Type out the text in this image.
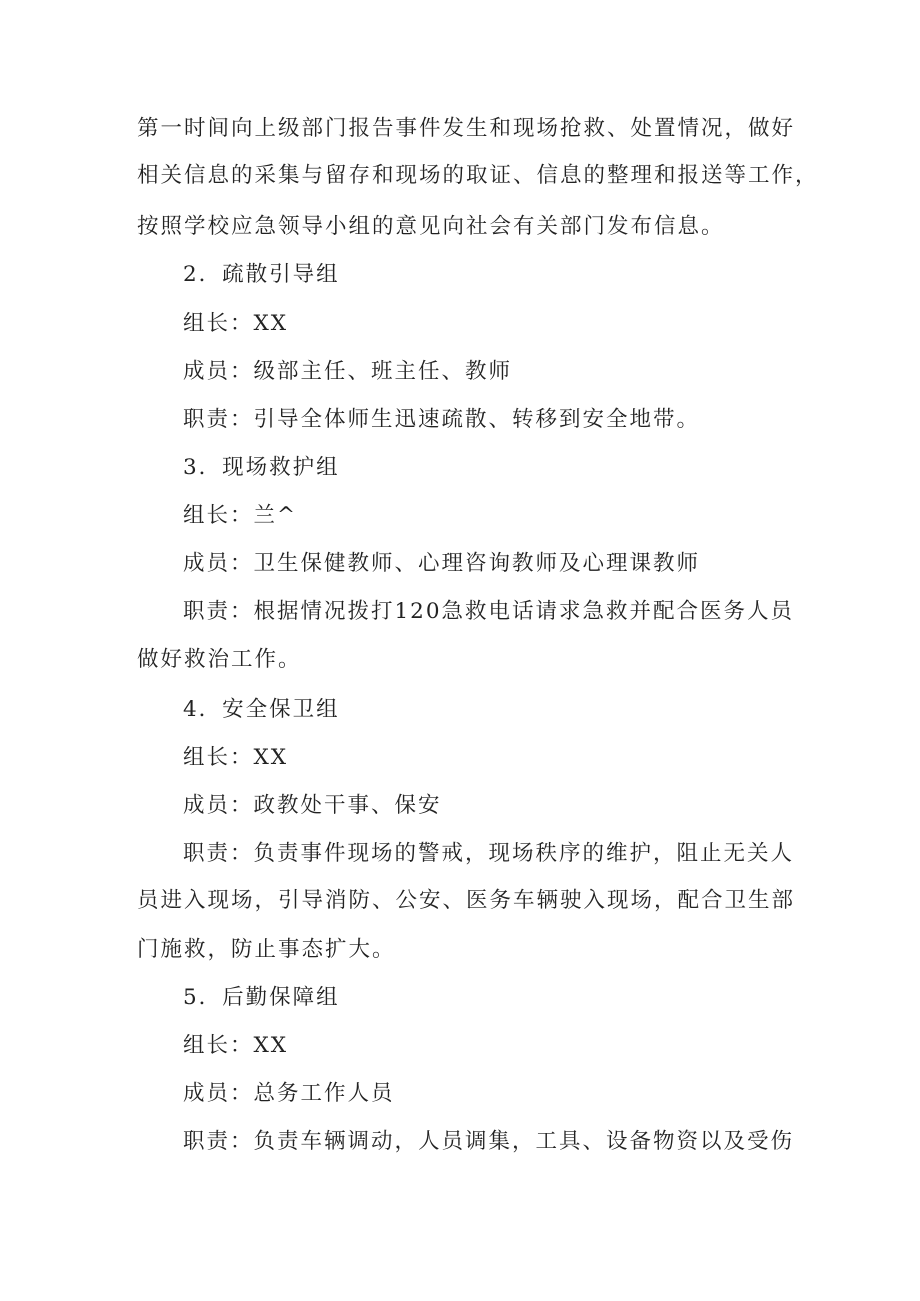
第一时间向上级部门报告事件发生和现场抢救、处置情况，做好
相关信息的采集与留存和现场的取证、信息的整理和报送等工作，
按照学校应急领导小组的意见向社会有关部门发布信息。
2．疏散引导组
组长：XX
成员：级部主任、班主任、教师
职责：引导全体师生迅速疏散、转移到安全地带。
3．现场救护组
组长：兰^
成员：卫生保健教师、心理咨询教师及心理课教师
职责：根据情况拨打120急救电话请求急救并配合医务人员
做好救治工作。
4．安全保卫组
组长：XX
成员：政教处干事、保安
职责：负责事件现场的警戒，现场秩序的维护，阻止无关人
员进入现场，引导消防、公安、医务车辆驶入现场，配合卫生部
门施救，防止事态扩大。
5．后勤保障组
组长：XX
成员：总务工作人员
职责：负责车辆调动，人员调集，工具、设备物资以及受伤
